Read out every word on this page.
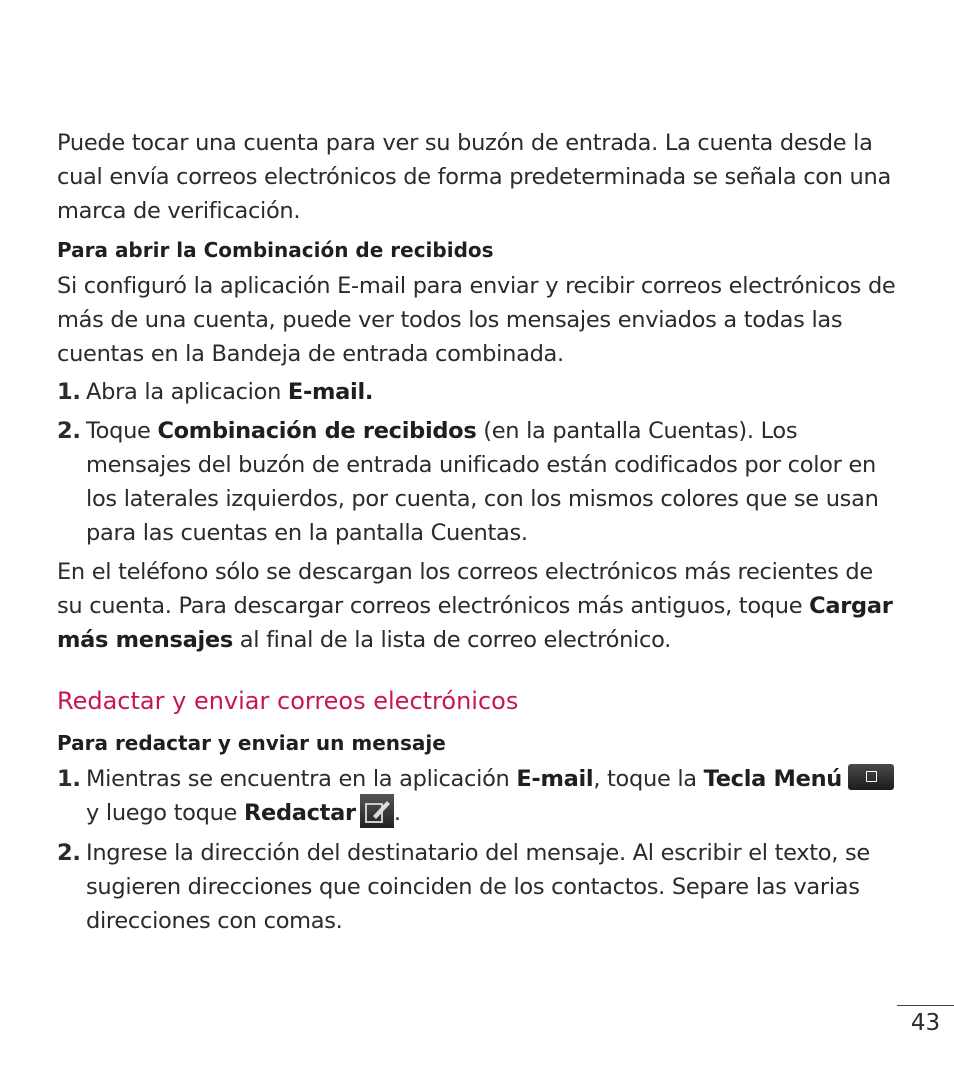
Puede tocar una cuenta para ver su buzón de entrada. La cuenta desde la cual envía correos electrónicos de forma predeterminada se señala con una marca de verificación.

Para abrir la Combinación de recibidos

Si configuró la aplicación E-mail para enviar y recibir correos electrónicos de más de una cuenta, puede ver todos los mensajes enviados a todas las cuentas en la Bandeja de entrada combinada.

1. Abra la aplicacion E-mail.
2. Toque Combinación de recibidos (en la pantalla Cuentas). Los mensajes del buzón de entrada unificado están codificados por color en los laterales izquierdos, por cuenta, con los mismos colores que se usan para las cuentas en la pantalla Cuentas.

En el teléfono sólo se descargan los correos electrónicos más recientes de su cuenta. Para descargar correos electrónicos más antiguos, toque Cargar más mensajes al final de la lista de correo electrónico.

Redactar y enviar correos electrónicos
Para redactar y enviar un mensaje
1. Mientras se encuentra en la aplicación E-mail, toque la Tecla Menú
y luego toque Redactar .
2. Ingrese la dirección del destinatario del mensaje. Al escribir el texto, se sugieren direcciones que coinciden de los contactos. Separe las varias direcciones con comas.
43
